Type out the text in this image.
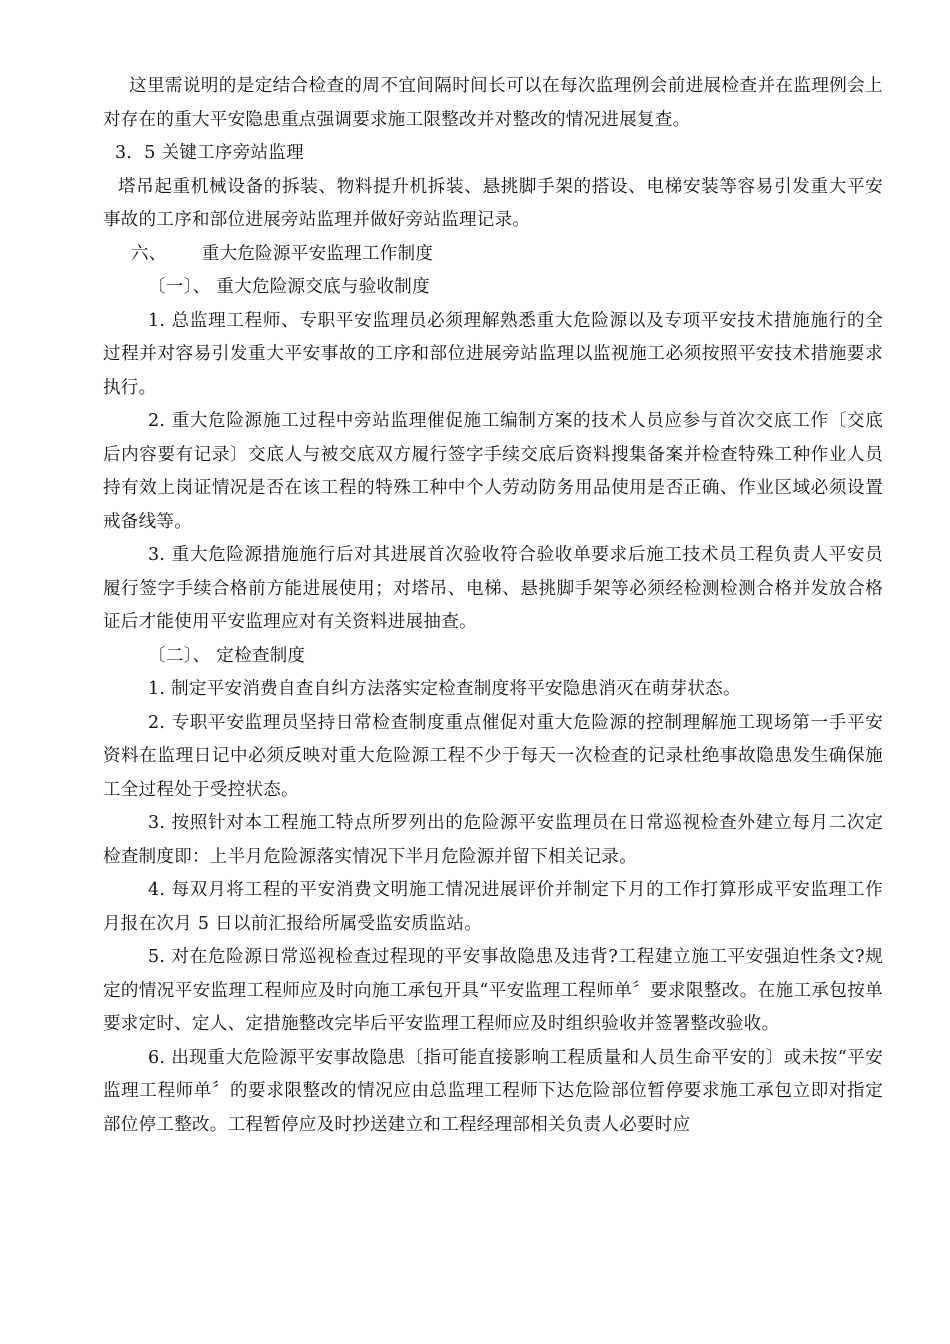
这里需说明的是定结合检查的周不宜间隔时间长可以在每次监理例会前进展检查并在监理例会上对存在的重大平安隐患重点强调要求施工限整改并对整改的情况进展复查。

3．5 关键工序旁站监理

塔吊起重机械设备的拆装、物料提升机拆装、悬挑脚手架的搭设、电梯安装等容易引发重大平安事故的工序和部位进展旁站监理并做好旁站监理记录。

六、      重大危险源平安监理工作制度

〔一〕、 重大危险源交底与验收制度

1. 总监理工程师、专职平安监理员必须理解熟悉重大危险源以及专项平安技术措施施行的全过程并对容易引发重大平安事故的工序和部位进展旁站监理以监视施工必须按照平安技术措施要求执行。

2. 重大危险源施工过程中旁站监理催促施工编制方案的技术人员应参与首次交底工作〔交底后内容要有记录〕交底人与被交底双方履行签字手续交底后资料搜集备案并检查特殊工种作业人员持有效上岗证情况是否在该工程的特殊工种中个人劳动防务用品使用是否正确、作业区域必须设置戒备线等。

3. 重大危险源措施施行后对其进展首次验收符合验收单要求后施工技术员工程负责人平安员履行签字手续合格前方能进展使用；对塔吊、电梯、悬挑脚手架等必须经检测检测合格并发放合格证后才能使用平安监理应对有关资料进展抽查。

〔二〕、 定检查制度

1. 制定平安消费自查自纠方法落实定检查制度将平安隐患消灭在萌芽状态。

2. 专职平安监理员坚持日常检查制度重点催促对重大危险源的控制理解施工现场第一手平安资料在监理日记中必须反映对重大危险源工程不少于每天一次检查的记录杜绝事故隐患发生确保施工全过程处于受控状态。

3. 按照针对本工程施工特点所罗列出的危险源平安监理员在日常巡视检查外建立每月二次定检查制度即：上半月危险源落实情况下半月危险源并留下相关记录。

4. 每双月将工程的平安消费文明施工情况进展评价并制定下月的工作打算形成平安监理工作月报在次月 5 日以前汇报给所属受监安质监站。

5. 对在危险源日常巡视检查过程现的平安事故隐患及违背?工程建立施工平安强迫性条文?规定的情况平安监理工程师应及时向施工承包开具“平安监理工程师单〞要求限整改。在施工承包按单要求定时、定人、定措施整改完毕后平安监理工程师应及时组织验收并签署整改验收。

6. 出现重大危险源平安事故隐患〔指可能直接影响工程质量和人员生命平安的〕或未按“平安监理工程师单〞的要求限整改的情况应由总监理工程师下达危险部位暂停要求施工承包立即对指定部位停工整改。工程暂停应及时抄送建立和工程经理部相关负责人必要时应
